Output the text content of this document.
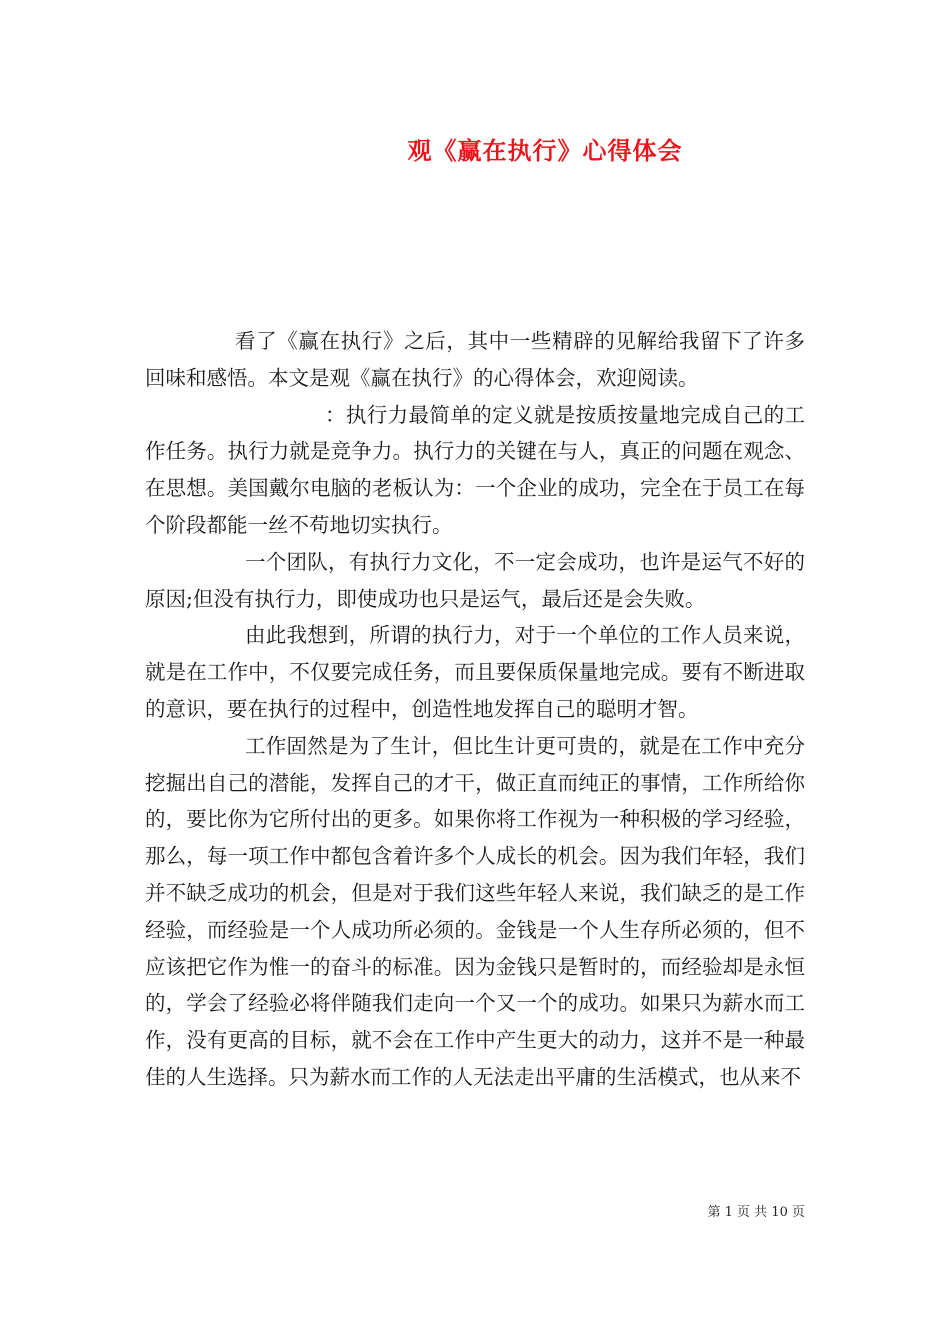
观《赢在执行》心得体会

看了《赢在执行》之后，其中一些精辟的见解给我留下了许多回味和感悟。本文是观《赢在执行》的心得体会，欢迎阅读。

：执行力最简单的定义就是按质按量地完成自己的工作任务。执行力就是竞争力。执行力的关键在与人，真正的问题在观念、在思想。美国戴尔电脑的老板认为：一个企业的成功，完全在于员工在每个阶段都能一丝不苟地切实执行。

一个团队，有执行力文化，不一定会成功，也许是运气不好的原因;但没有执行力，即使成功也只是运气，最后还是会失败。

由此我想到，所谓的执行力，对于一个单位的工作人员来说，就是在工作中，不仅要完成任务，而且要保质保量地完成。要有不断进取的意识，要在执行的过程中，创造性地发挥自己的聪明才智。

工作固然是为了生计，但比生计更可贵的，就是在工作中充分挖掘出自己的潜能，发挥自己的才干，做正直而纯正的事情，工作所给你的，要比你为它所付出的更多。如果你将工作视为一种积极的学习经验，那么，每一项工作中都包含着许多个人成长的机会。因为我们年轻，我们并不缺乏成功的机会，但是对于我们这些年轻人来说，我们缺乏的是工作经验，而经验是一个人成功所必须的。金钱是一个人生存所必须的，但不应该把它作为惟一的奋斗的标准。因为金钱只是暂时的，而经验却是永恒的，学会了经验必将伴随我们走向一个又一个的成功。如果只为薪水而工作，没有更高的目标，就不会在工作中产生更大的动力，这并不是一种最佳的人生选择。只为薪水而工作的人无法走出平庸的生活模式，也从来不

第 1 页 共 10 页
